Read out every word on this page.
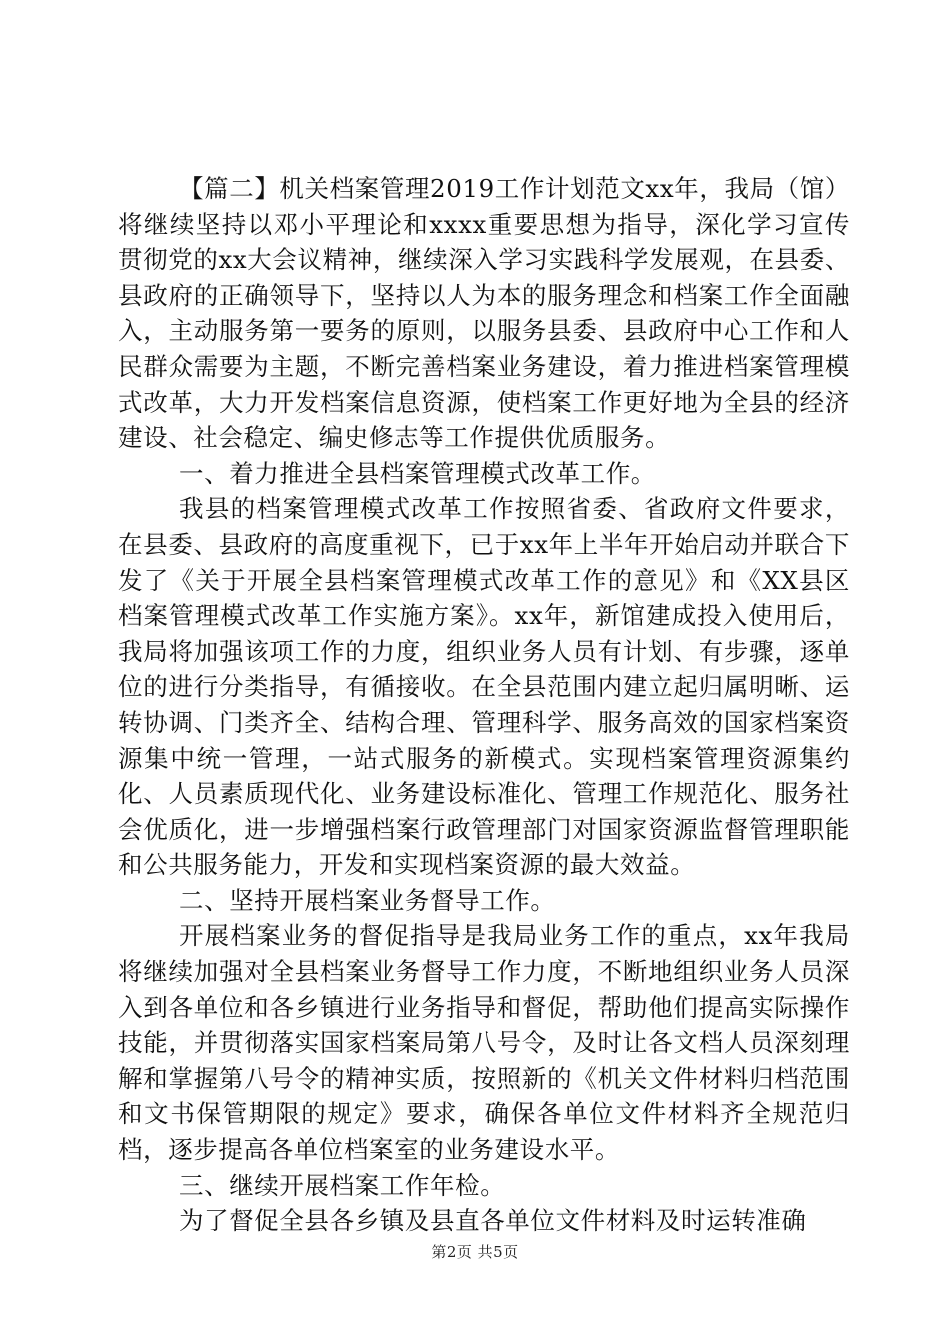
【篇二】机关档案管理2019工作计划范文xx年，我局（馆）将继续坚持以邓小平理论和xxxx重要思想为指导，深化学习宣传贯彻党的xx大会议精神，继续深入学习实践科学发展观，在县委、县政府的正确领导下，坚持以人为本的服务理念和档案工作全面融入，主动服务第一要务的原则，以服务县委、县政府中心工作和人民群众需要为主题，不断完善档案业务建设，着力推进档案管理模式改革，大力开发档案信息资源，使档案工作更好地为全县的经济建设、社会稳定、编史修志等工作提供优质服务。

一、着力推进全县档案管理模式改革工作。

我县的档案管理模式改革工作按照省委、省政府文件要求，在县委、县政府的高度重视下，已于xx年上半年开始启动并联合下发了《关于开展全县档案管理模式改革工作的意见》和《XX县区档案管理模式改革工作实施方案》。xx年，新馆建成投入使用后，我局将加强该项工作的力度，组织业务人员有计划、有步骤，逐单位的进行分类指导，有循接收。在全县范围内建立起归属明晰、运转协调、门类齐全、结构合理、管理科学、服务高效的国家档案资源集中统一管理，一站式服务的新模式。实现档案管理资源集约化、人员素质现代化、业务建设标准化、管理工作规范化、服务社会优质化，进一步增强档案行政管理部门对国家资源监督管理职能和公共服务能力，开发和实现档案资源的最大效益。

二、坚持开展档案业务督导工作。

开展档案业务的督促指导是我局业务工作的重点，xx年我局将继续加强对全县档案业务督导工作力度，不断地组织业务人员深入到各单位和各乡镇进行业务指导和督促，帮助他们提高实际操作技能，并贯彻落实国家档案局第八号令，及时让各文档人员深刻理解和掌握第八号令的精神实质，按照新的《机关文件材料归档范围和文书保管期限的规定》要求，确保各单位文件材料齐全规范归档，逐步提高各单位档案室的业务建设水平。

三、继续开展档案工作年检。

为了督促全县各乡镇及县直各单位文件材料及时运转准确

第2页 共5页
